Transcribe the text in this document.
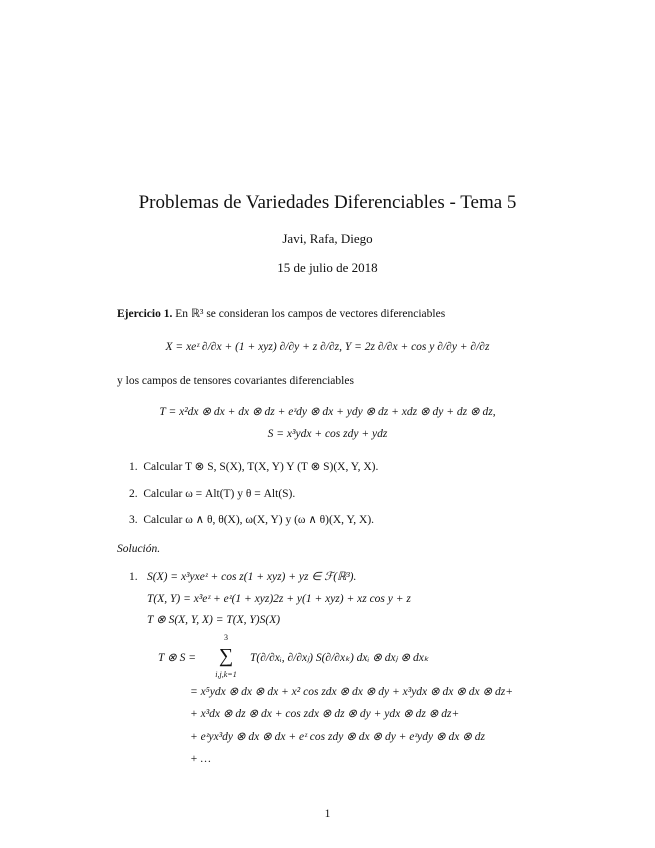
Problemas de Variedades Diferenciables - Tema 5
Javi, Rafa, Diego
15 de julio de 2018
Ejercicio 1. En ℝ³ se consideran los campos de vectores diferenciables
X = xeᶻ ∂/∂x + (1 + xyz) ∂/∂y + z ∂/∂z, Y = 2z ∂/∂x + cos y ∂/∂y + ∂/∂z
y los campos de tensores covariantes diferenciables
T = x²dx ⊗ dx + dx ⊗ dz + eᶻdy ⊗ dx + ydy ⊗ dz + xdz ⊗ dy + dz ⊗ dz,
S = x³ydx + cos zdy + ydz
1. Calcular T ⊗ S, S(X), T(X, Y) Y (T ⊗ S)(X, Y, X).
2. Calcular ω = Alt(T) y θ = Alt(S).
3. Calcular ω ∧ θ, θ(X), ω(X, Y) y (ω ∧ θ)(X, Y, X).
Solución.
1. S(X) = x³yxeᶻ + cos z(1 + xyz) + yz ∈ ℱ(ℝ³).
T(X, Y) = x³eᶻ + eᶻ(1 + xyz)2z + y(1 + xyz) + xz cos y + z
T ⊗ S(X, Y, X) = T(X, Y)S(X)
T ⊗ S =
3
∑
i,j,k=1
T(∂/∂xᵢ, ∂/∂xⱼ) S(∂/∂xₖ) dxᵢ ⊗ dxⱼ ⊗ dxₖ
= x⁵ydx ⊗ dx ⊗ dx + x² cos zdx ⊗ dx ⊗ dy + x³ydx ⊗ dx ⊗ dx ⊗ dz+
+ x³dx ⊗ dz ⊗ dx + cos zdx ⊗ dz ⊗ dy + ydx ⊗ dz ⊗ dz+
+ eᶻyx³dy ⊗ dx ⊗ dx + eᶻ cos zdy ⊗ dx ⊗ dy + eᶻydy ⊗ dx ⊗ dz
+ …
1
